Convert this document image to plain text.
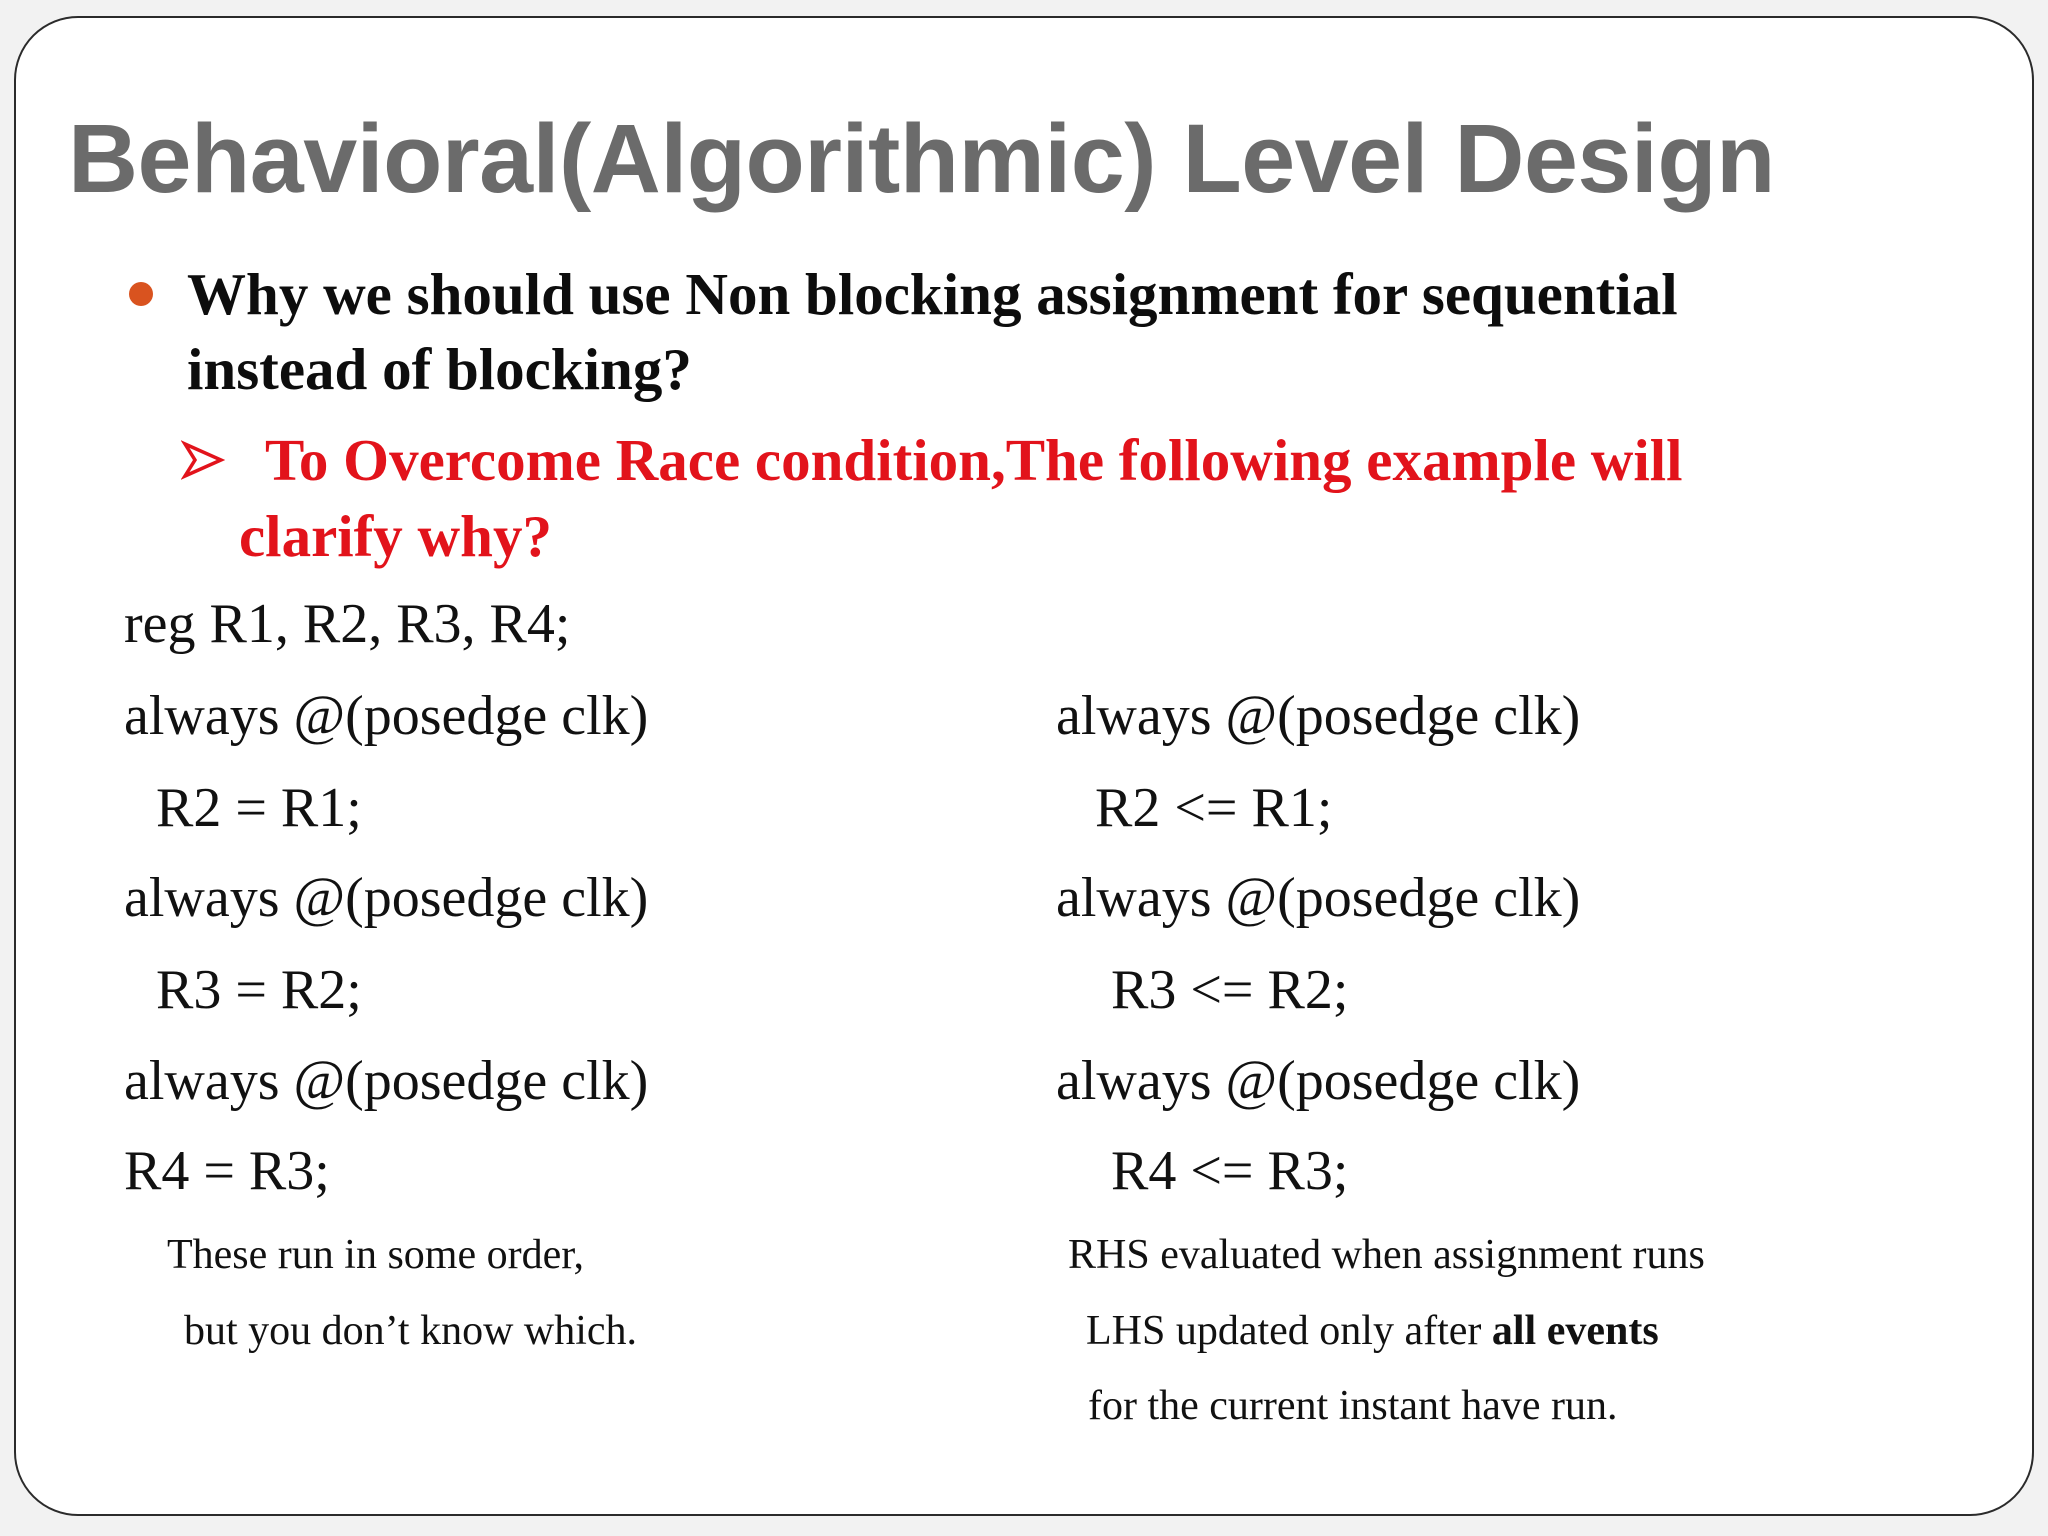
Behavioral(Algorithmic) Level Design
Why we should use Non blocking assignment for sequential
instead of blocking?
To Overcome Race condition,The following example will
clarify why?
reg R1, R2, R3, R4;
always @(posedge clk)
R2 = R1;
always @(posedge clk)
R3 = R2;
always @(posedge clk)
R4 = R3;
always @(posedge clk)
R2 <= R1;
always @(posedge clk)
R3 <= R2;
always @(posedge clk)
R4 <= R3;
These run in some order,
but you don’t know which.
RHS evaluated when assignment runs
LHS updated only after all events
for the current instant have run.
